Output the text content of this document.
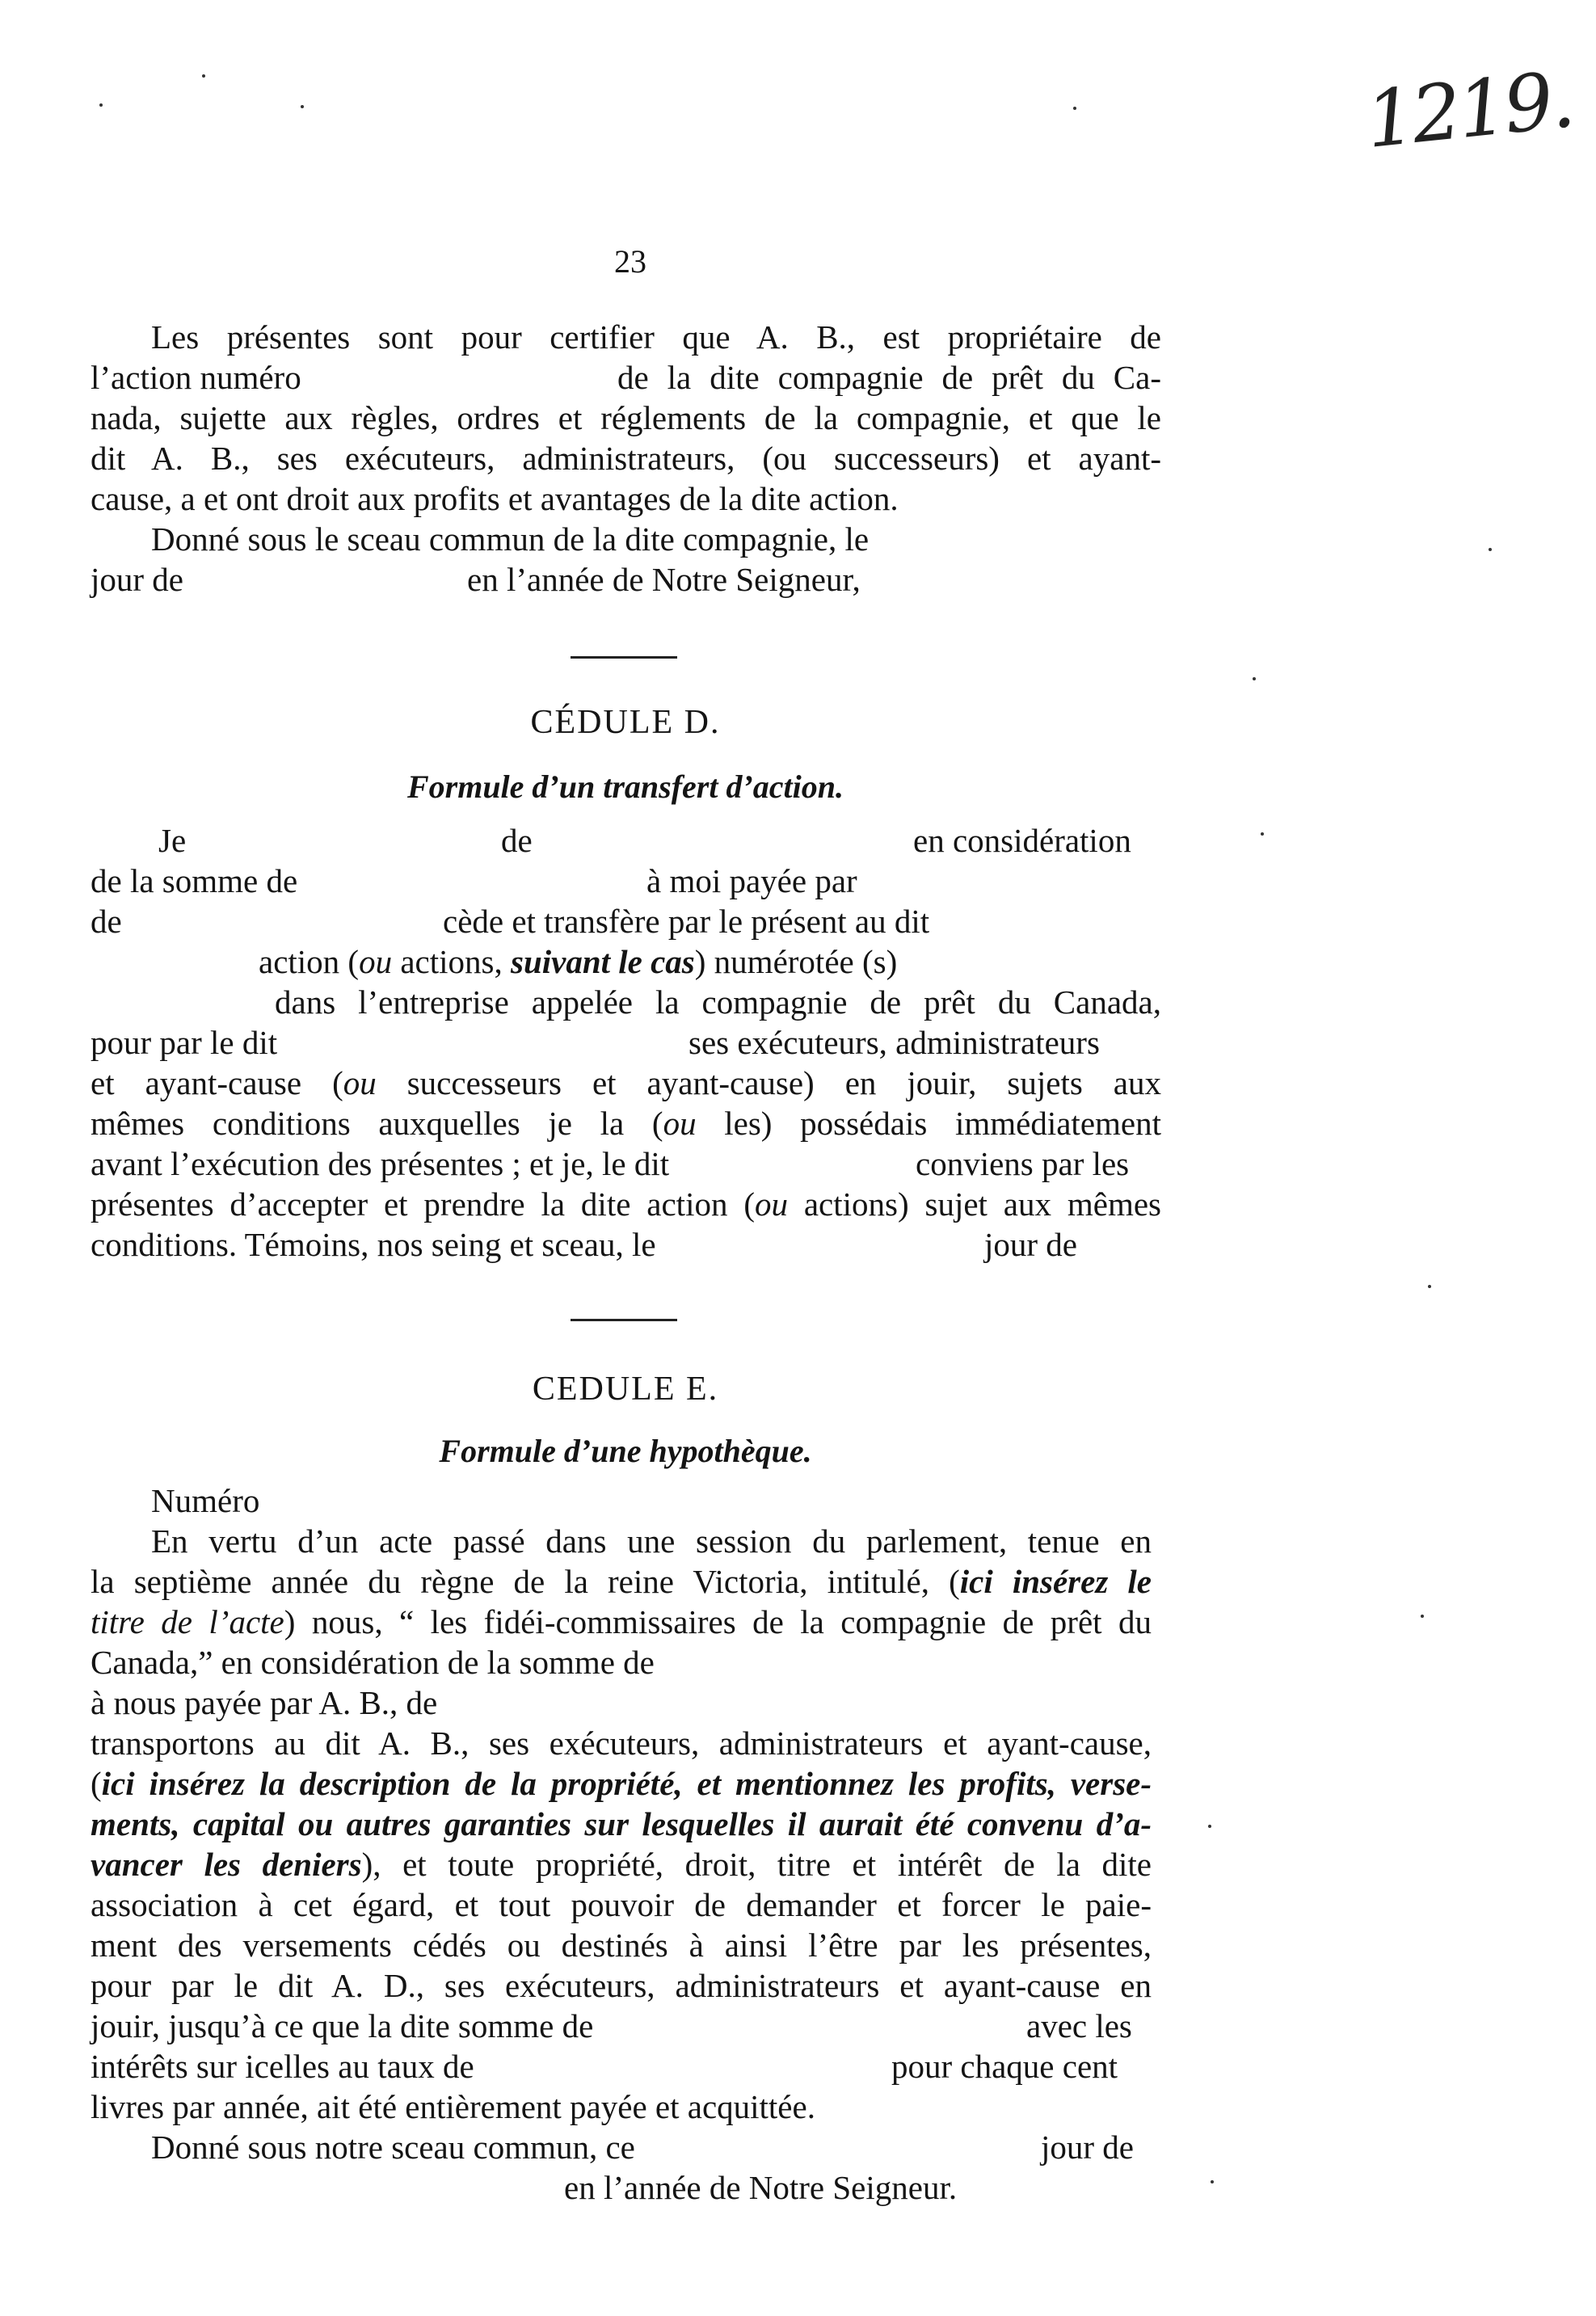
1219.
23
Les présentes sont pour certifier que A. B., est propriétaire de
l’action numéro	de la dite compagnie de prêt du Ca-
nada, sujette aux règles, ordres et réglements de la compagnie, et que le
dit A. B., ses exécuteurs, administrateurs, (ou successeurs) et ayant-
cause, a et ont droit aux profits et avantages de la dite action.
Donné sous le sceau commun de la dite compagnie, le
jour de	en l’année de Notre Seigneur,
CÉDULE D.
Formule d’un transfert d’action.
Je	de	en considération
de la somme de	à moi payée par
de	cède et transfère par le présent au dit
action (ou actions, suivant le cas) numérotée (s)
dans l’entreprise appelée la compagnie de prêt du Canada,
pour par le dit	ses exécuteurs, administrateurs
et ayant-cause (ou successeurs et ayant-cause) en jouir, sujets aux
mêmes conditions auxquelles je la (ou les) possédais immédiatement
avant l’exécution des présentes ; et je, le dit	conviens par les
présentes d’accepter et prendre la dite action (ou actions) sujet aux mêmes
conditions. Témoins, nos seing et sceau, le	jour de
CEDULE E.
Formule d’une hypothèque.
Numéro
En vertu d’un acte passé dans une session du parlement, tenue en
la septième année du règne de la reine Victoria, intitulé, (ici insérez le
titre de l’acte) nous, “ les fidéi-commissaires de la compagnie de prêt du
Canada,” en considération de la somme de
à nous payée par A. B., de
transportons au dit A. B., ses exécuteurs, administrateurs et ayant-cause,
(ici insérez la description de la propriété, et mentionnez les profits, verse-
ments, capital ou autres garanties sur lesquelles il aurait été convenu d’a-
vancer les deniers), et toute propriété, droit, titre et intérêt de la dite
association à cet égard, et tout pouvoir de demander et forcer le paie-
ment des versements cédés ou destinés à ainsi l’être par les présentes,
pour par le dit A. D., ses exécuteurs, administrateurs et ayant-cause en
jouir, jusqu’à ce que la dite somme de	avec les
intérêts sur icelles au taux de	pour chaque cent
livres par année, ait été entièrement payée et acquittée.
Donné sous notre sceau commun, ce	jour de
en l’année de Notre Seigneur.
